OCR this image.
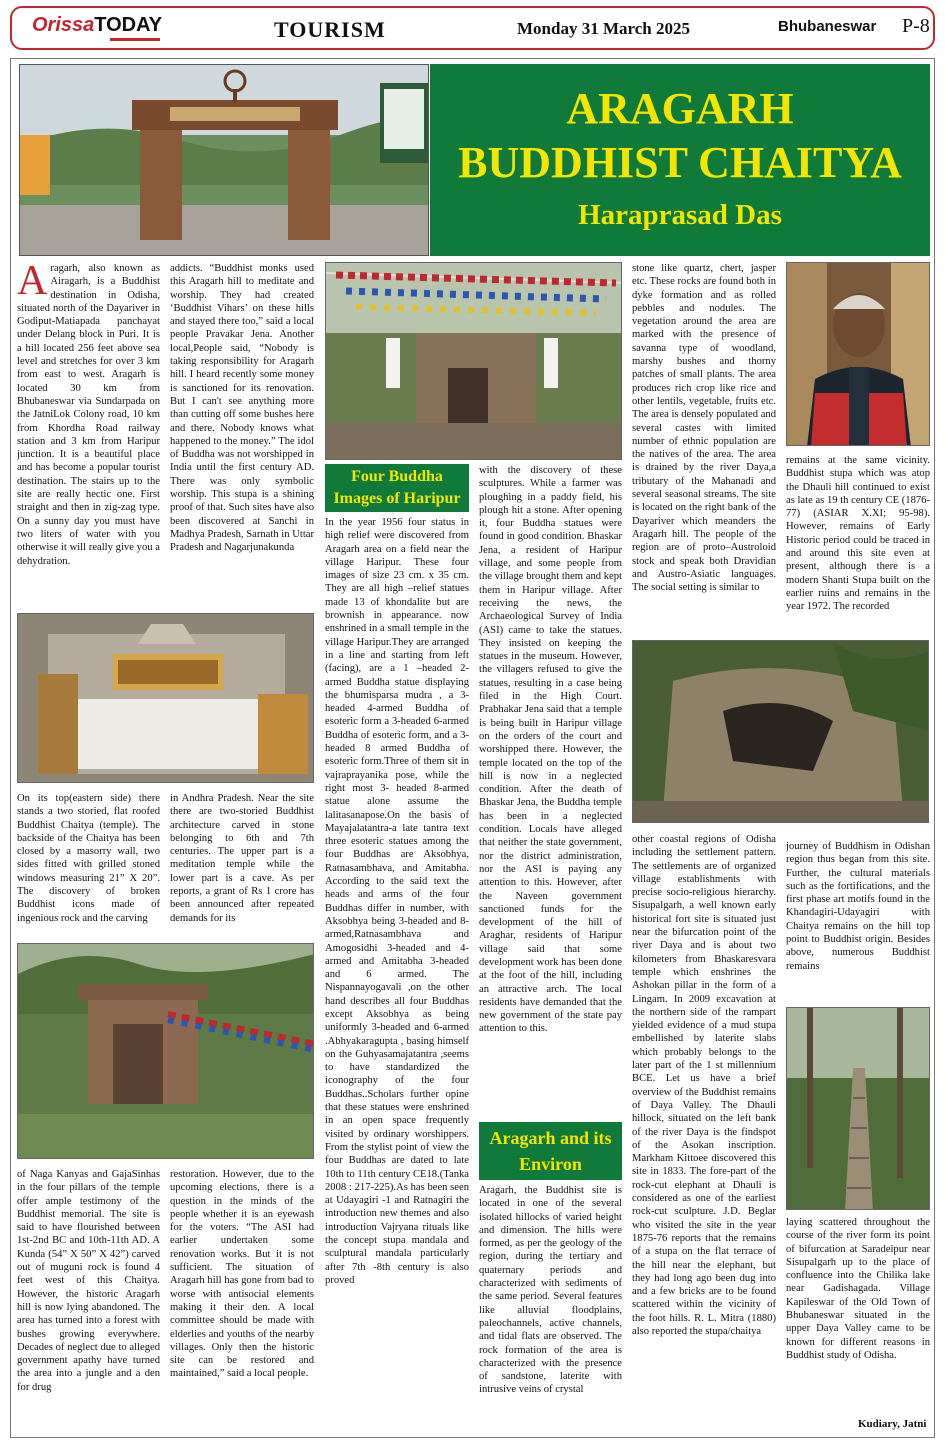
OrissaTODAY	TOURISM	Monday 31 March 2025	Bhubaneswar P-8
ARAGARH
BUDDHIST CHAITYA
Haraprasad Das
Aragarh, also known as Airagarh, is a Buddhist destination in Odisha, situated north of the Dayariver in Godiput-Matiapada panchayat under Delang block in Puri. It is a hill located 256 feet above sea level and stretches for over 3 km from east to west. Aragarh is located 30 km from Bhubaneswar via Sundarpada on the JatniLok Colony road, 10 km from Khordha Road railway station and 3 km from Haripur junction. It is a beautiful place and has become a popular tourist destination. The stairs up to the site are really hectic one. First straight and then in zig-zag type. On a sunny day you must have two liters of water with you otherwise it will really give you a dehydration.
addicts. “Buddhist monks used this Aragarh hill to meditate and worship. They had created ‘Buddhist Vihars’ on these hills and stayed there too,” said a local people Pravakar Jena. Another local,People said, “Nobody is taking responsibility for Aragarh hill. I heard recently some money is sanctioned for its renovation. But I can't see anything more than cutting off some bushes here and there. Nobody knows what happened to the money.” The idol of Buddha was not worshipped in India until the first century AD. There was only symbolic worship. This stupa is a shining proof of that. Such sites have also been discovered at Sanchi in Madhya Pradesh, Sarnath in Uttar Pradesh and Nagarjunakunda
On its top(eastern side) there stands a two storied, flat roofed Buddhist Chaitya (temple). The backside of the Chaitya has been closed by a masorry wall, two sides fitted with grilled stoned windows measuring 21” X 20”. The discovery of broken Buddhist icons made of ingenious rock and the carving
in Andhra Pradesh. Near the site there are two-storied Buddhist architecture carved in stone belonging to 6th and 7th centuries. The upper part is a meditation temple while the lower part is a cave. As per reports, a grant of Rs 1 crore has been announced after repeated demands for its
of Naga Kanyas and GajaSinhas in the four pillars of the temple offer ample testimony of the Buddhist memorial. The site is said to have flourished between 1st-2nd BC and 10th-11th AD. A Kunda (54” X 50” X 42”) carved out of muguni rock is found 4 feet west of this Chaitya. However, the historic Aragarh hill is now lying abandoned. The area has turned into a forest with bushes growing everywhere. Decades of neglect due to alleged government apathy have turned the area into a jungle and a den for drug
restoration. However, due to the upcoming elections, there is a question in the minds of the people whether it is an eyewash for the voters. “The ASI had earlier undertaken some renovation works. But it is not sufficient. The situation of Aragarh hill has gone from bad to worse with antisocial elements making it their den. A local committee should be made with elderlies and youths of the nearby villages. Only then the historic site can be restored and maintained,” said a local people.
Four Buddha Images of Haripur
In the year 1956 four status in high relief were discovered from Aragarh area on a field near the village Haripur. These four images of size 23 cm. x 35 cm. They are all high –relief statues made 13 of khondalite but are brownish in appearance. now enshrined in a small temple in the village Haripur.They are arranged in a line and starting from left (facing), are a 1 –headed 2- armed Buddha statue displaying the bhumisparsa mudra , a 3-headed 4-armed Buddha of esoteric form a 3-headed 6-armed Buddha of esoteric form, and a 3-headed 8 armed Buddha of esoteric form.Three of them sit in vajraprayanika pose, while the right most 3- headed 8-armed statue alone assume the lalitasanapose.On the basis of Mayajalatantra-a late tantra text three esoteric statues among the four Buddhas are Aksobhya, Ratnasambhava, and Amitabha. According to the said text the heads and arms of the four Buddhas differ in number, with Aksobhya being 3-headed and 8-armed,Ratnasambhava and Amogosidhi 3-headed and 4- armed and Amitabha 3-headed and 6 armed. The Nispannayogavali ,on the other hand describes all four Buddhas except Aksobhya as being uniformly 3-headed and 6-armed .Abhyakaragupta , basing himself on the Guhyasamajatantra ,seems to have standardized the iconography of the four Buddhas..Scholars further opine that these statues were enshrined in an open space frequently visited by ordinary worshippers. From the stylist point of view the four Buddhas are dated to late 10th to 11th century CE18.(Tanka 2008 : 217-225).As has been seen at Udayagiri -1 and Ratnagiri the introduction new themes and also introduction Vajryana rituals like the concept stupa mandala and sculptural mandala particularly after 7th -8th century is also proved
with the discovery of these sculptures. While a farmer was ploughing in a paddy field, his plough hit a stone. After opening it, four Buddha statues were found in good condition. Bhaskar Jena, a resident of Haripur village, and some people from the village brought them and kept them in Haripur village. After receiving the news, the Archaeological Survey of India (ASI) came to take the statues. They insisted on keeping the statues in the museum. However, the villagers refused to give the statues, resulting in a case being filed in the High Court. Prabhakar Jena said that a temple is being built in Haripur village on the orders of the court and worshipped there. However, the temple located on the top of the hill is now in a neglected condition. After the death of Bhaskar Jena, the Buddha temple has been in a neglected condition. Locals have alleged that neither the state government, nor the district administration, nor the ASI is paying any attention to this. However, after the Naveen government sanctioned funds for the development of the hill of Araghar, residents of Haripur village said that some development work has been done at the foot of the hill, including an attractive arch. The local residents have demanded that the new government of the state pay attention to this.
Aragarh and its Environ
Aragarh, the Buddhist site is located in one of the several isolated hillocks of varied height and dimension. The hills were formed, as per the geology of the region, during the tertiary and quaternary periods and characterized with sediments of the same period. Several features like alluvial floodplains, paleochannels, active channels, and tidal flats are observed. The rock formation of the area is characterized with the presence of sandstone, laterite with intrusive veins of crystal
stone like quartz, chert, jasper etc. These rocks are found both in dyke formation and as rolled pebbles and nodules. The vegetation around the area are marked with the presence of savanna type of woodland, marshy bushes and thorny patches of small plants. The area produces rich crop like rice and other lentils, vegetable, fruits etc. The area is densely populated and several castes with limited number of ethnic population are the natives of the area. The area is drained by the river Daya,a tributary of the Mahanadi and several seasonal streams. The site is located on the right bank of the Dayariver which meanders the Aragarh hill. The people of the region are of proto–Austroloid stock and speak both Dravidian and Austro-Asiatic languages. The social setting is similar to
remains at the same vicinity. Buddhist stupa which was atop the Dhauli hill continued to exist as late as 19 th century CE (1876-77) (ASIAR X.XI; 95-98). However, remains of Early Historic period could be traced in and around this site even at present, although there is a modern Shanti Stupa built on the earlier ruins and remains in the year 1972. The recorded
other coastal regions of Odisha including the settlement pattern. The settlements are of organized village establishments with precise socio-religious hierarchy. Sisupalgarh, a well known early historical fort site is situated just near the bifurcation point of the river Daya and is about two kilometers from Bhaskaresvara temple which enshrines the Ashokan pillar in the form of a Lingam. In 2009 excavation at the northern side of the rampart yielded evidence of a mud stupa embellished by laterite slabs which probably belongs to the later part of the 1 st millennium BCE. Let us have a brief overview of the Buddhist remains of Daya Valley. The Dhauli hillock, situated on the left bank of the river Daya is the findspot of the Asokan inscription. Markham Kittoee discovered this site in 1833. The fore-part of the rock-cut elephant at Dhauli is considered as one of the earliest rock-cut sculpture. J.D. Beglar who visited the site in the year 1875-76 reports that the remains of a stupa on the flat terrace of the hill near the elephant, but they had long ago been dug into and a few bricks are to be found scattered within the vicinity of the foot hills. R. L. Mitra (1880) also reported the stupa/chaitya
journey of Buddhism in Odishan region thus began from this site. Further, the cultural materials such as the fortifications, and the first phase art motifs found in the Khandagiri-Udayagiri with Chaitya remains on the hill top point to Buddhist origin. Besides above, numerous Buddhist remains
laying scattered throughout the course of the river form its point of bifurcation at Saradeipur near Sisupalgarh up to the place of confluence into the Chilika lake near Gadishagada. Village Kapileswar of the Old Town of Bhubaneswar situated in the upper Daya Valley came to be known for different reasons in Buddhist study of Odisha.
Kudiary, Jatni
